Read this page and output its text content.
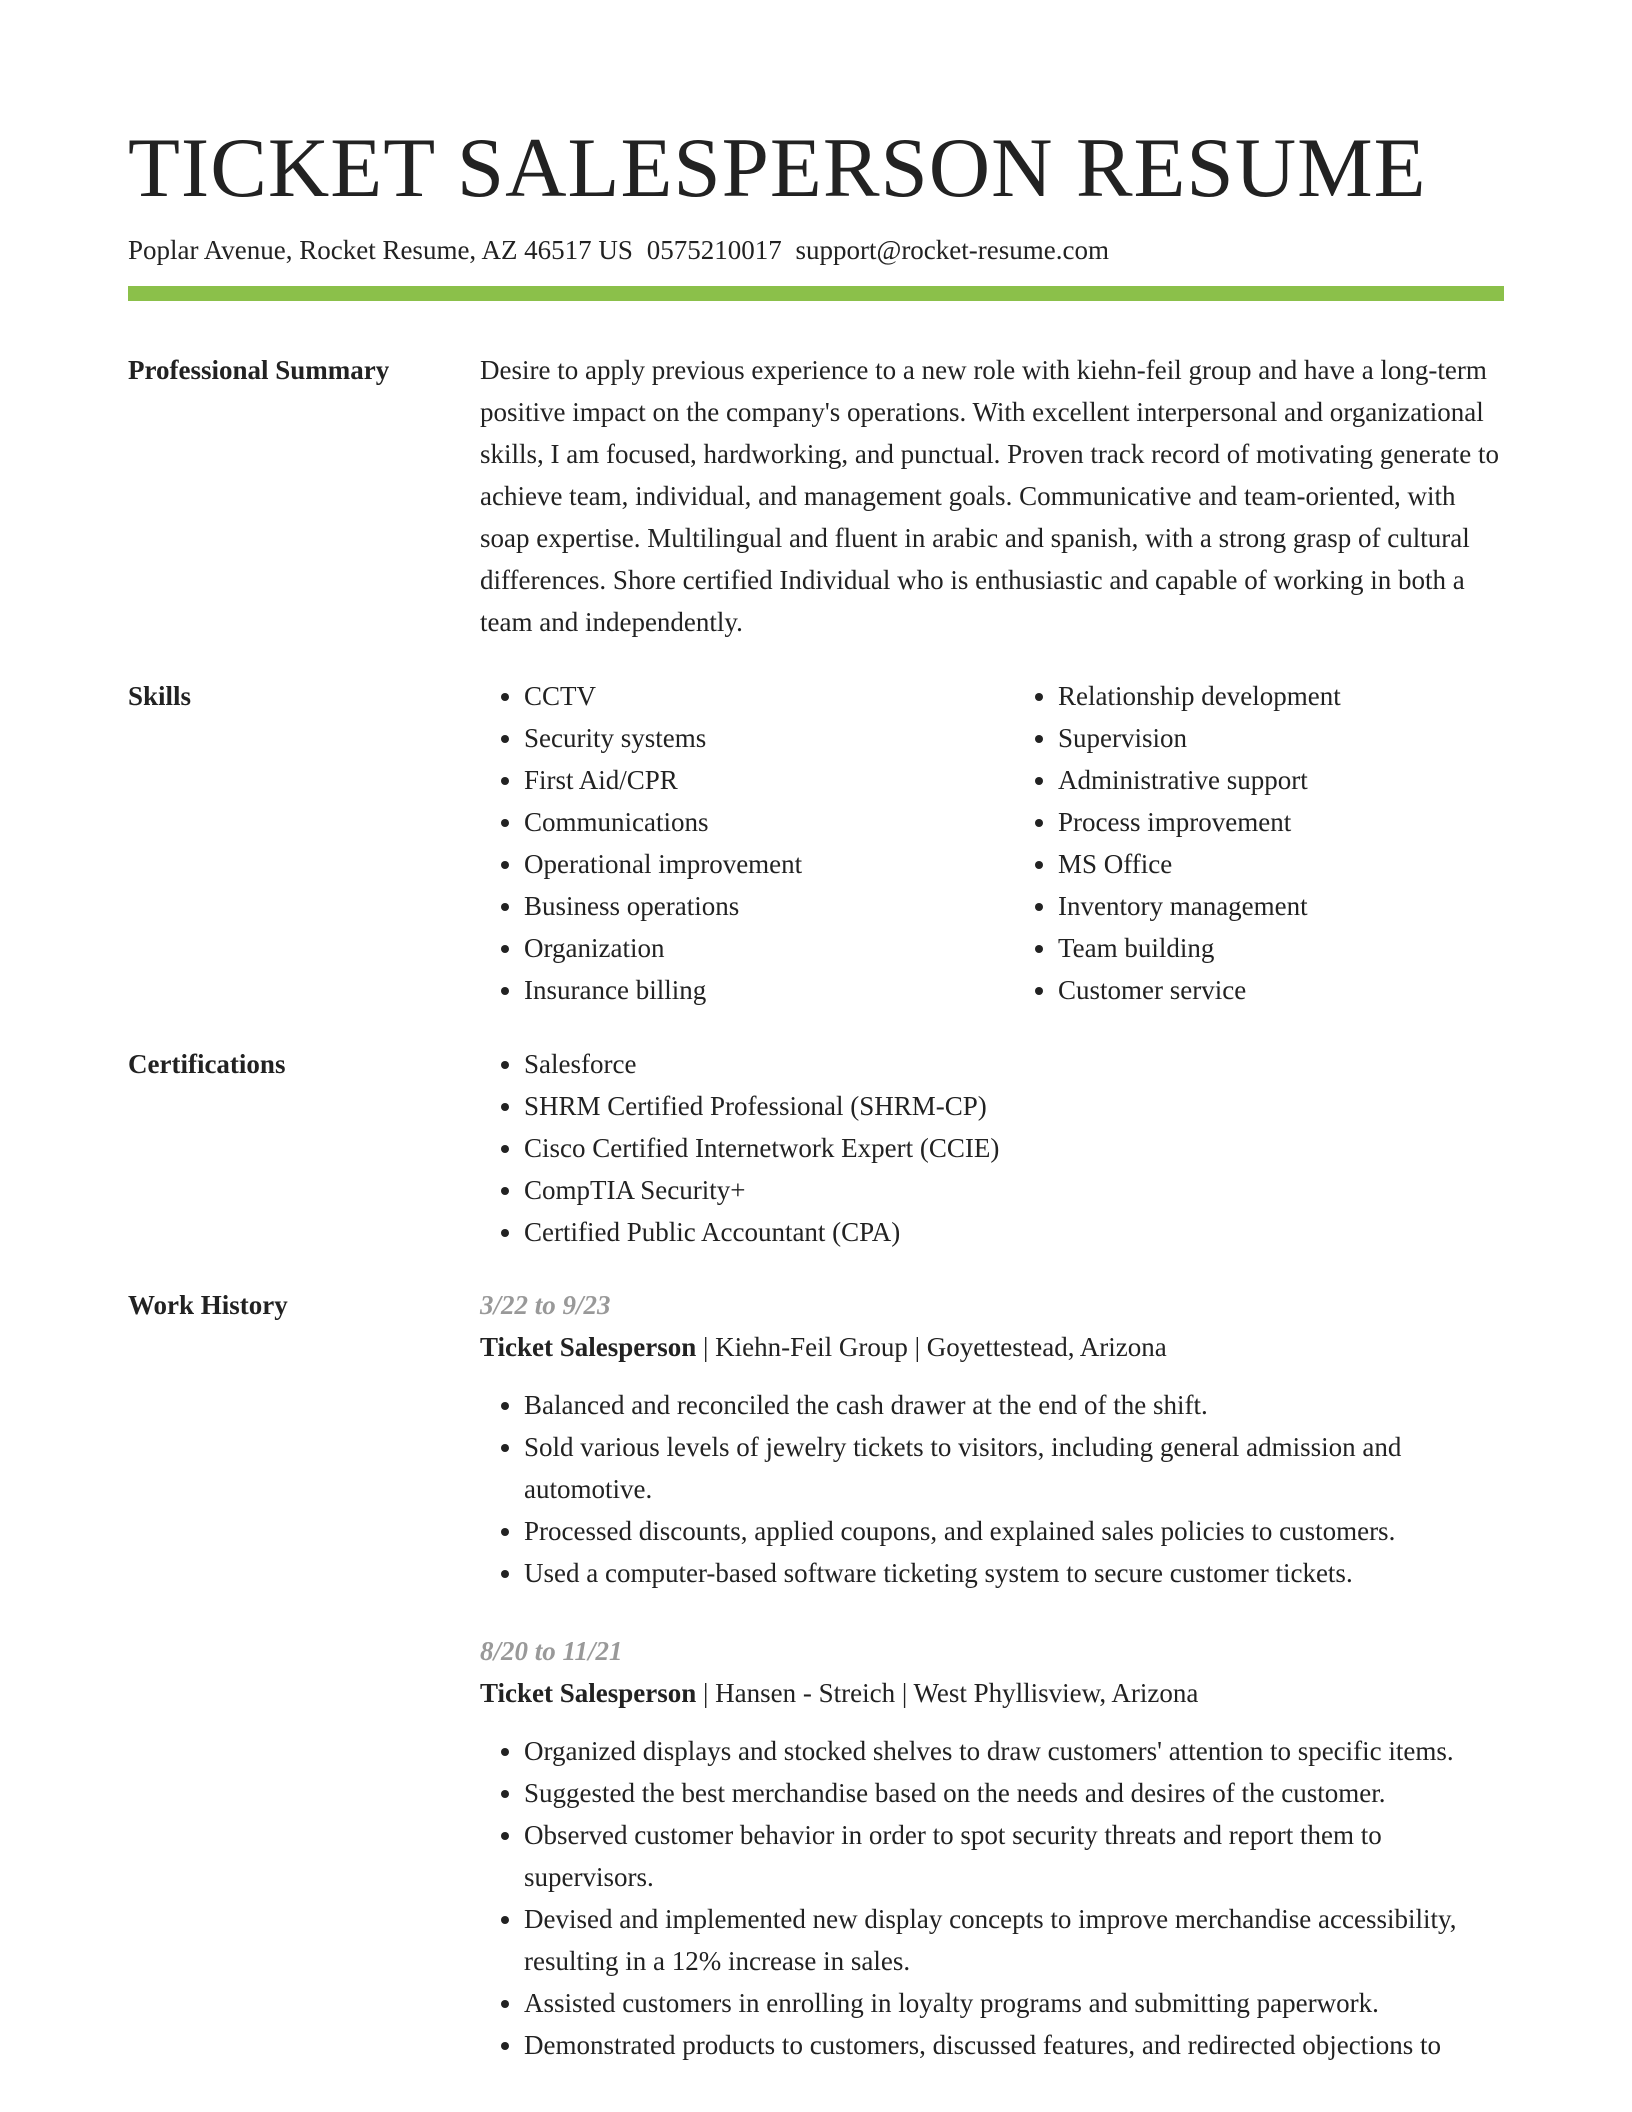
TICKET SALESPERSON RESUME
Poplar Avenue, Rocket Resume, AZ 46517 US 0575210017 support@rocket-resume.com
Professional Summary	Desire to apply previous experience to a new role with kiehn-feil group and have a long-term positive impact on the company's operations. With excellent interpersonal and organizational skills, I am focused, hardworking, and punctual. Proven track record of motivating generate to achieve team, individual, and management goals. Communicative and team-oriented, with soap expertise. Multilingual and fluent in arabic and spanish, with a strong grasp of cultural differences. Shore certified Individual who is enthusiastic and capable of working in both a team and independently.

Skills	• CCTV
• Security systems
• First Aid/CPR
• Communications
• Operational improvement
• Business operations
• Organization
• Insurance billing
• Relationship development
• Supervision
• Administrative support
• Process improvement
• MS Office
• Inventory management
• Team building
• Customer service
Certifications	• Salesforce
• SHRM Certified Professional (SHRM-CP)
• Cisco Certified Internetwork Expert (CCIE)
• CompTIA Security+
• Certified Public Accountant (CPA)
Work History	3/22 to 9/23
Ticket Salesperson | Kiehn-Feil Group | Goyettestead, Arizona
• Balanced and reconciled the cash drawer at the end of the shift.
• Sold various levels of jewelry tickets to visitors, including general admission and automotive.
• Processed discounts, applied coupons, and explained sales policies to customers.
• Used a computer-based software ticketing system to secure customer tickets.
8/20 to 11/21
Ticket Salesperson | Hansen - Streich | West Phyllisview, Arizona
• Organized displays and stocked shelves to draw customers' attention to specific items.
• Suggested the best merchandise based on the needs and desires of the customer.
• Observed customer behavior in order to spot security threats and report them to supervisors.
• Devised and implemented new display concepts to improve merchandise accessibility, resulting in a 12% increase in sales.
• Assisted customers in enrolling in loyalty programs and submitting paperwork.
• Demonstrated products to customers, discussed features, and redirected objections to
